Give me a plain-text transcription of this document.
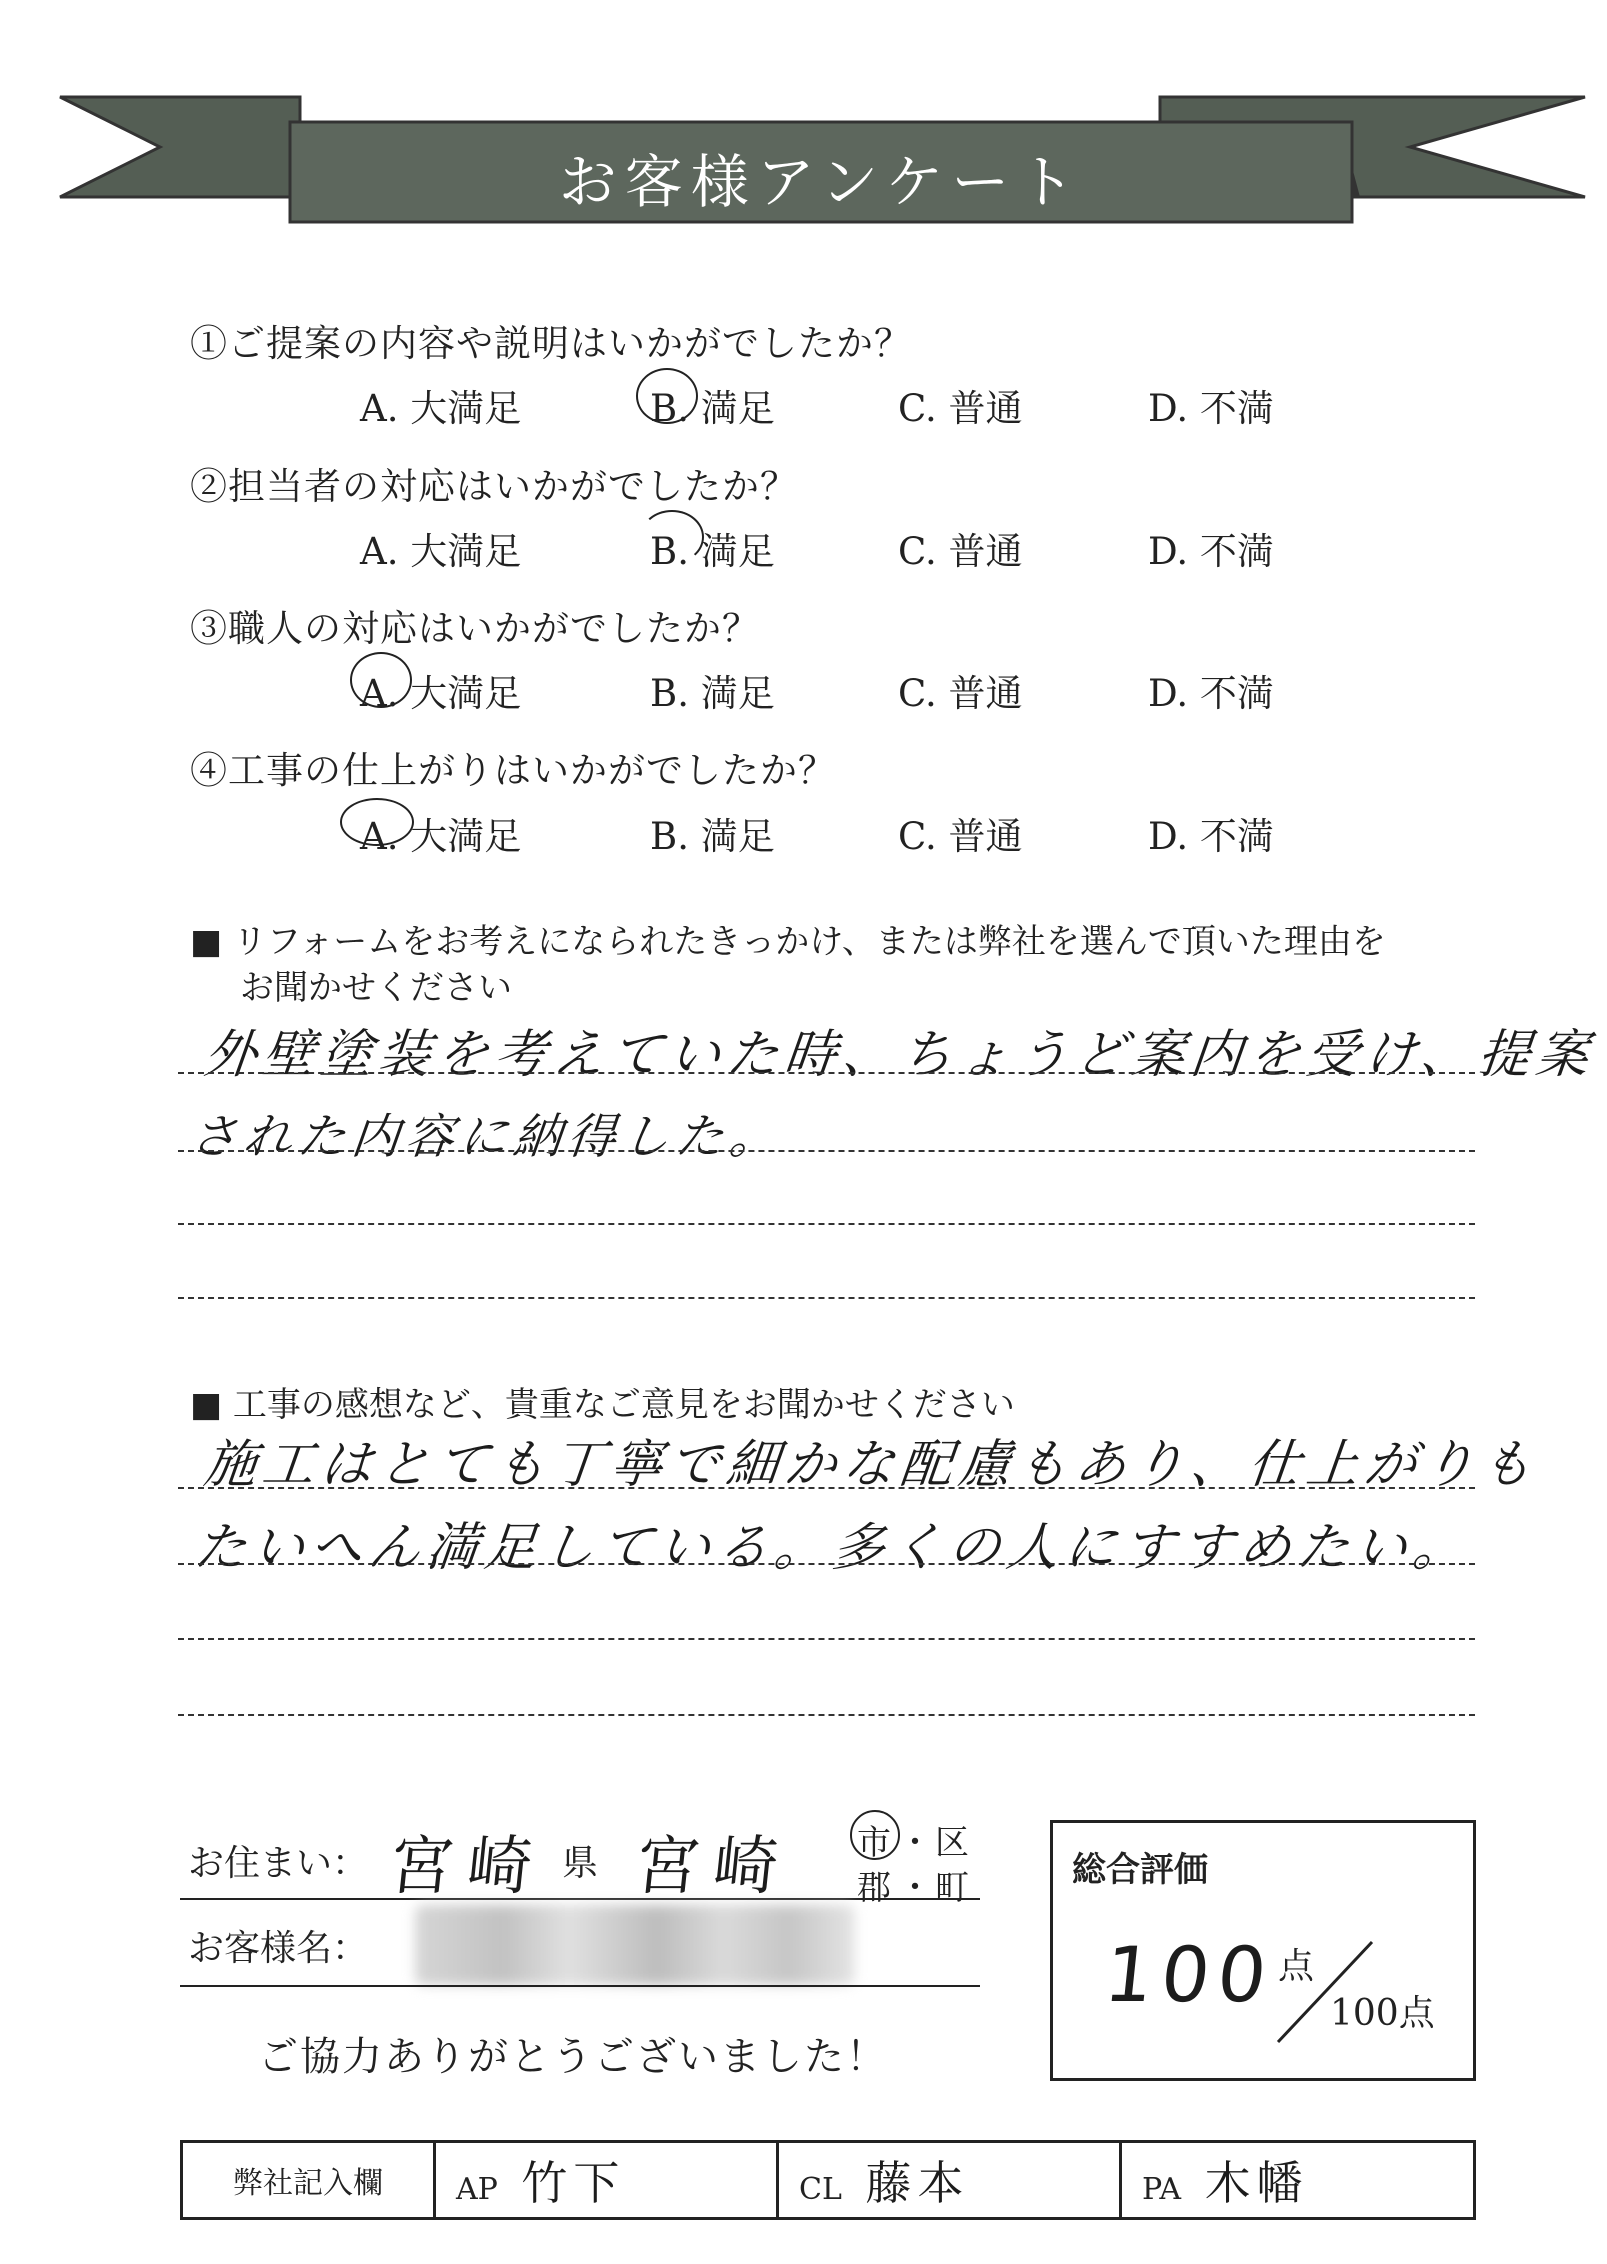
お客様アンケート
①ご提案の内容や説明はいかがでしたか？
A. 大満足	B. 満足	C. 普通	D. 不満
②担当者の対応はいかがでしたか？
A. 大満足	B. 満足	C. 普通	D. 不満
③職人の対応はいかがでしたか？
A. 大満足	B. 満足	C. 普通	D. 不満
④工事の仕上がりはいかがでしたか？
A. 大満足	B. 満足	C. 普通	D. 不満
■ リフォームをお考えになられたきっかけ、または弊社を選んで頂いた理由を
お聞かせください
外壁塗装を考えていた時、ちょうど案内を受け、提案
された内容に納得した。
■ 工事の感想など、貴重なご意見をお聞かせください
施工はとても丁寧で細かな配慮もあり、仕上がりも
たいへん満足している。多くの人にすすめたい。
お住まい： 宮崎 県 宮崎 市 ・ 区
郡 ・ 町
お客様名：
ご協力ありがとうございました！
総合評価
100 点
100点
弊社記入欄	AP 竹下	CL 藤本	PA 木幡
